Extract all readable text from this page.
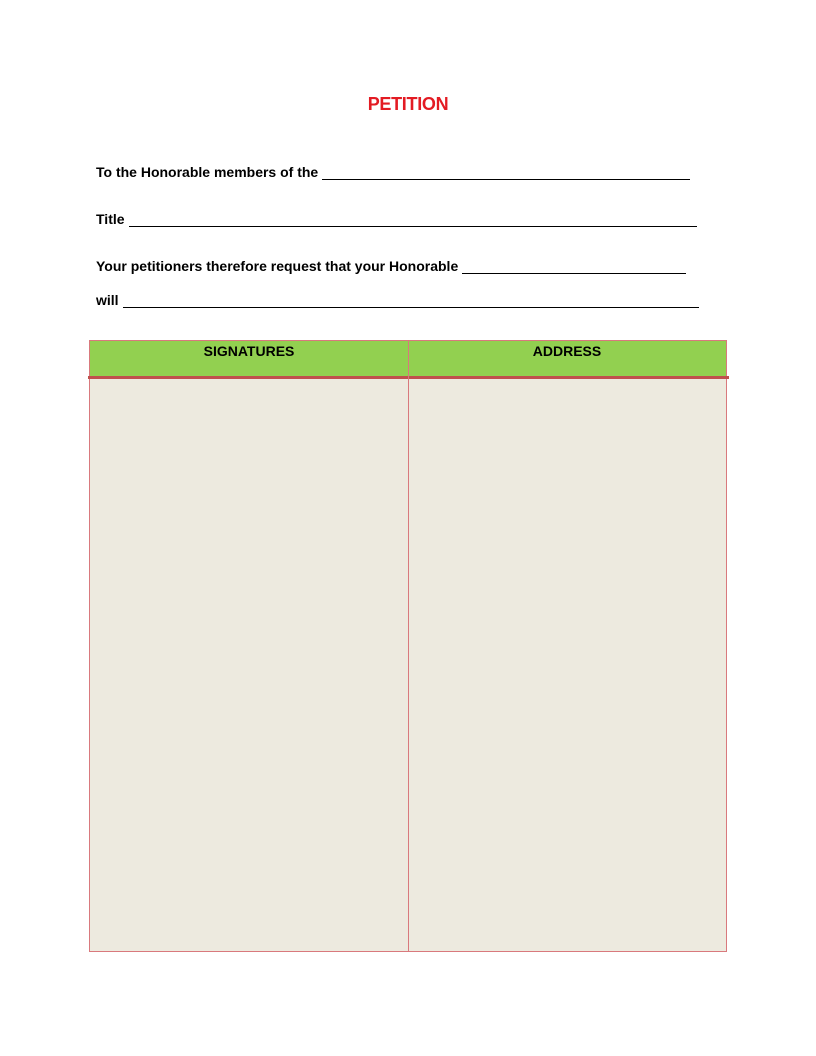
PETITION
To the Honorable members of the
Title
Your petitioners therefore request that your Honorable
will
SIGNATURES	ADDRESS
